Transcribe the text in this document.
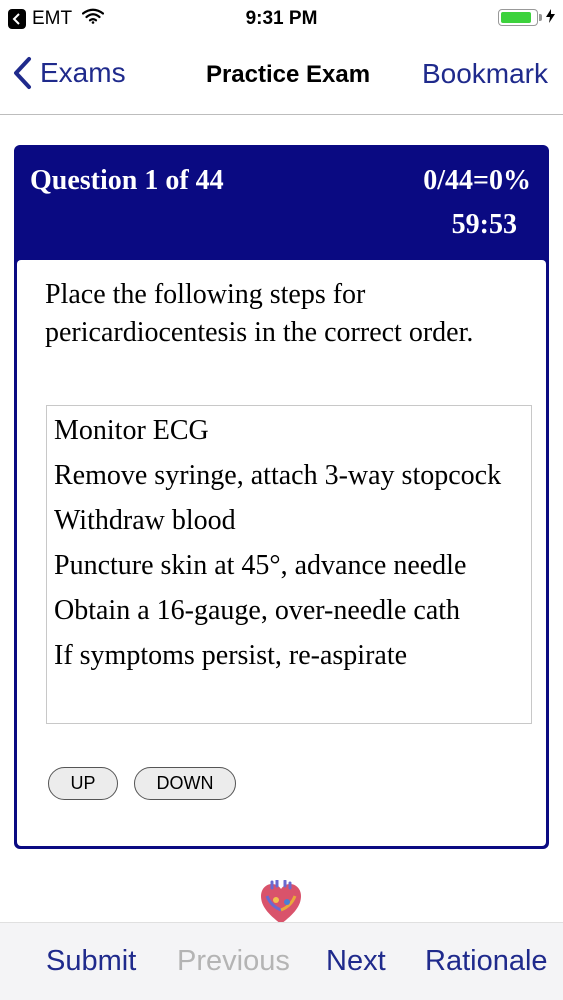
EMT	9:31 PM
Exams	Practice Exam	Bookmark
Question 1 of 44	0/44=0%
59:53
Place the following steps for pericardiocentesis in the correct order.
Monitor ECG
Remove syringe, attach 3-way stopcock
Withdraw blood
Puncture skin at 45°, advance needle
Obtain a 16-gauge, over-needle cath
If symptoms persist, re-aspirate
UP	DOWN
Submit Previous Next Rationale
